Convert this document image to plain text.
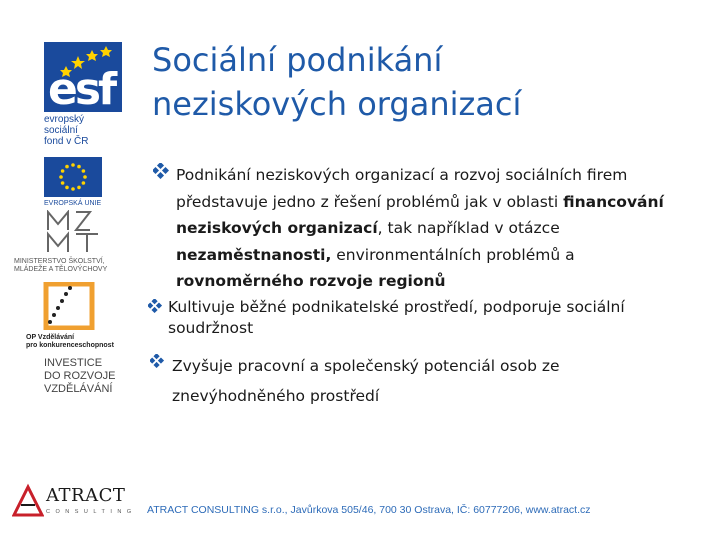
esf
evropský
sociální
fond v ČR
EVROPSKÁ UNIE
MINISTERSTVO ŠKOLSTVÍ,
MLÁDEŽE A TĚLOVÝCHOVY
OP Vzdělávání
pro konkurenceschopnost
INVESTICE
DO ROZVOJE
VZDĚLÁVÁNÍ
ATRACT
CONSULTING
Sociální podnikání
neziskových organizací
Podnikání neziskových organizací a rozvoj sociálních firem představuje jedno z řešení problémů jak v oblasti financování neziskových organizací, tak například v otázce nezaměstnanosti, environmentálních problémů a rovnoměrného rozvoje regionů
Kultivuje běžné podnikatelské prostředí, podporuje sociální soudržnost
Zvyšuje pracovní a společenský potenciál osob ze znevýhodněného prostředí
ATRACT CONSULTING s.r.o., Javůrkova 505/46, 700 30 Ostrava, IČ: 60777206, www.atract.cz
